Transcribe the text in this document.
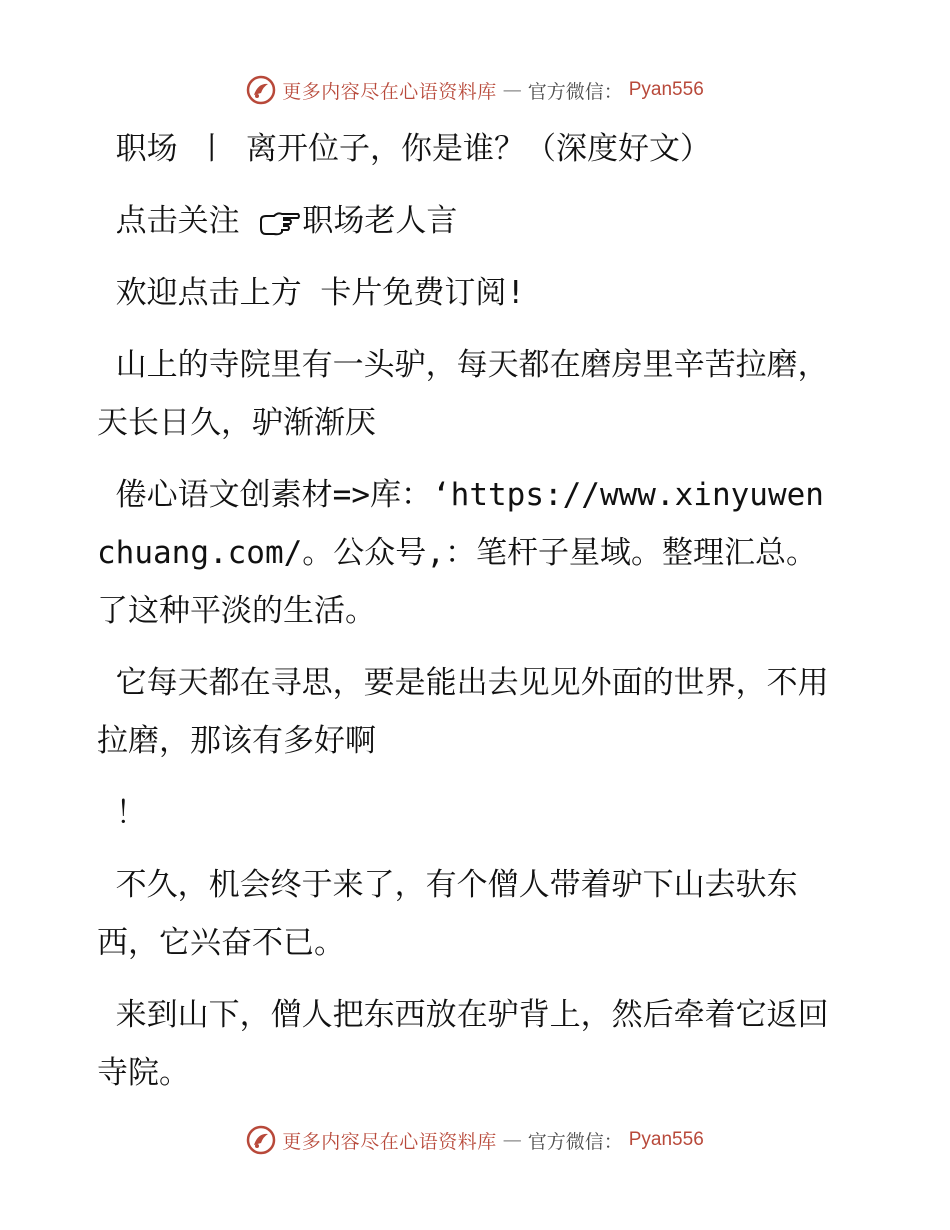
更多内容尽在心语资料库 — 官方微信： Pyan556

职场 丨 离开位子，你是谁？（深度好文）

点击关注 职场老人言

欢迎点击上方 卡片免费订阅!

山上的寺院里有一头驴，每天都在磨房里辛苦拉磨，天长日久，驴渐渐厌

倦心语文创素材=>库：‘https://www.xinyuwenchuang.com/。公众号,：笔杆子星域。整理汇总。了这种平淡的生活。

它每天都在寻思，要是能出去见见外面的世界，不用拉磨，那该有多好啊

！

不久，机会终于来了，有个僧人带着驴下山去驮东西，它兴奋不已。

来到山下，僧人把东西放在驴背上，然后牵着它返回寺院。

更多内容尽在心语资料库 — 官方微信： Pyan556
